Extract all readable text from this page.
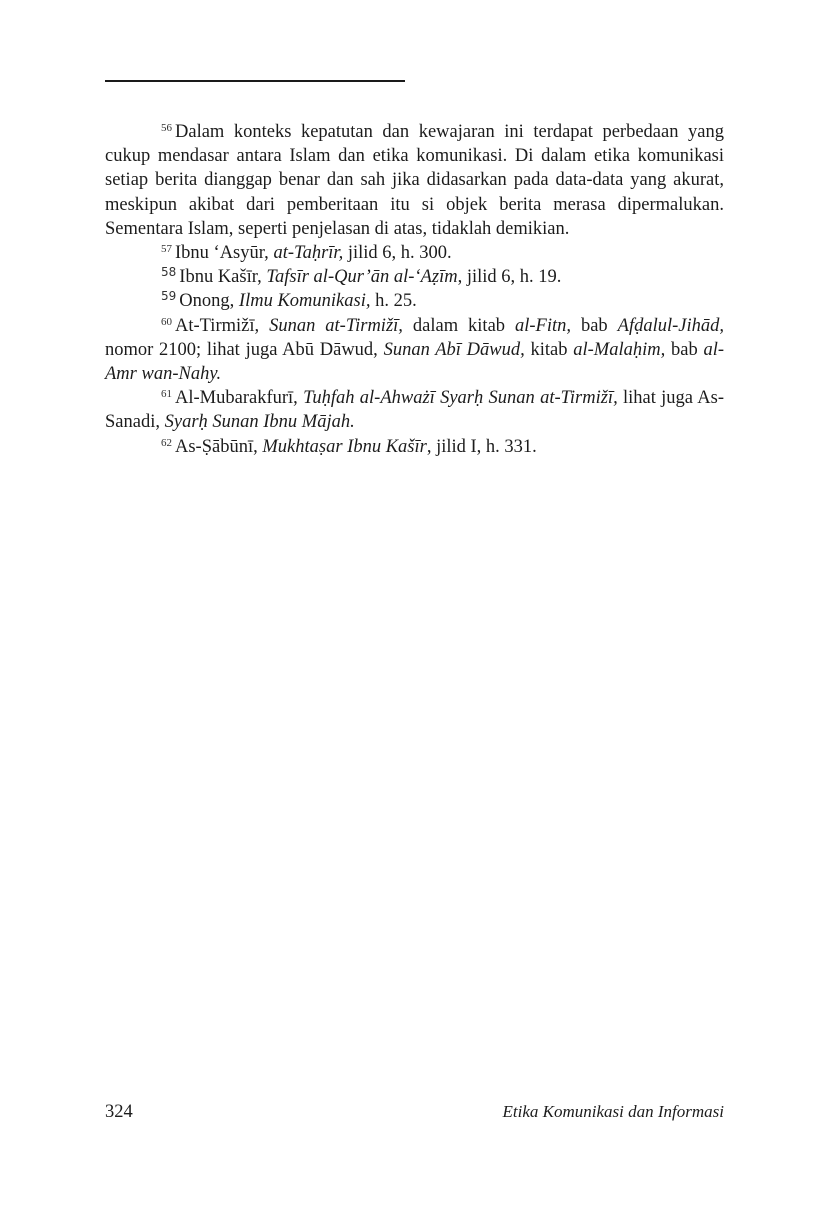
$^{56}$ Dalam konteks kepatutan dan kewajaran ini terdapat perbedaan yang cukup mendasar antara Islam dan etika komunikasi. Di dalam etika komunikasi setiap berita dianggap benar dan sah jika didasarkan pada data-data yang akurat, meskipun akibat dari pemberitaan itu si objek berita merasa dipermalukan. Sementara Islam, seperti penjelasan di atas, tidaklah demikian.

$^{57}$ Ibnu ‘Asyūr, at-Taḥrīr, jilid 6, h. 300.

$^{58}$ Ibnu Kašīr, Tafsīr al-Qur’ān al-‘Aẓīm, jilid 6, h. 19.

$^{59}$ Onong, Ilmu Komunikasi, h. 25.

$^{60}$ At-Tirmižī, Sunan at-Tirmižī, dalam kitab al-Fitn, bab Afḍalul-Jihād, nomor 2100; lihat juga Abū Dāwud, Sunan Abī Dāwud, kitab al-Malaḥim, bab al-Amr wan-Nahy.

$^{61}$ Al-Mubarakfurī, Tuḥfah al-Ahważī Syarḥ Sunan at-Tirmižī, lihat juga As-Sanadi, Syarḥ Sunan Ibnu Mājah.

$^{62}$ As-Ṣābūnī, Mukhtaṣar Ibnu Kašīr, jilid I, h. 331.

324	Etika Komunikasi dan Informasi
